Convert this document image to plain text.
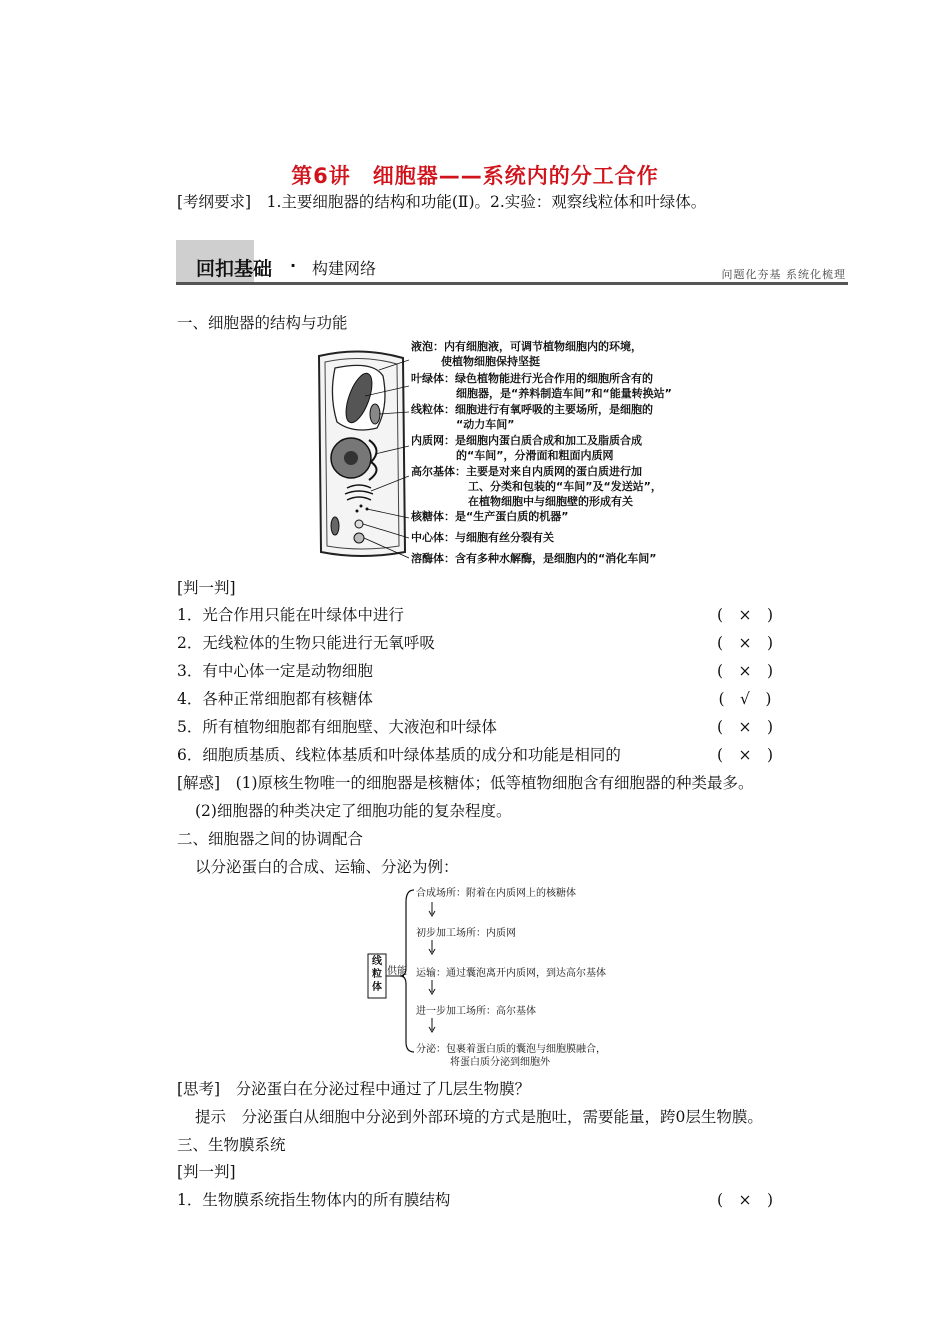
第6讲　细胞器——系统内的分工合作
[考纲要求]　1.主要细胞器的结构和功能(Ⅱ)。2.实验：观察线粒体和叶绿体。
回扣基础 · 构建网络	问题化夯基 系统化梳理
一、细胞器的结构与功能
液泡：内有细胞液，可调节植物细胞内的环境，
使植物细胞保持坚挺
叶绿体：绿色植物能进行光合作用的细胞所含有的
细胞器，是“养料制造车间”和“能量转换站”
线粒体：细胞进行有氧呼吸的主要场所，是细胞的
“动力车间”
内质网：是细胞内蛋白质合成和加工及脂质合成
的“车间”，分滑面和粗面内质网
高尔基体：主要是对来自内质网的蛋白质进行加
工、分类和包装的“车间”及“发送站”，
在植物细胞中与细胞壁的形成有关
核糖体：是“生产蛋白质的机器”
中心体：与细胞有丝分裂有关
溶酶体：含有多种水解酶，是细胞内的“消化车间”
[判一判]
1．光合作用只能在叶绿体中进行	(　×　)
2．无线粒体的生物只能进行无氧呼吸	(　×　)
3．有中心体一定是动物细胞	(　×　)
4．各种正常细胞都有核糖体	(　√　)
5．所有植物细胞都有细胞壁、大液泡和叶绿体	(　×　)
6．细胞质基质、线粒体基质和叶绿体基质的成分和功能是相同的	(　×　)
[解惑]　(1)原核生物唯一的细胞器是核糖体；低等植物细胞含有细胞器的种类最多。
(2)细胞器的种类决定了细胞功能的复杂程度。
二、细胞器之间的协调配合
以分泌蛋白的合成、运输、分泌为例：
线粒体
供能
合成场所：附着在内质网上的核糖体
初步加工场所：内质网
运输：通过囊泡离开内质网，到达高尔基体
进一步加工场所：高尔基体
分泌：包裹着蛋白质的囊泡与细胞膜融合，
将蛋白质分泌到细胞外
[思考]　分泌蛋白在分泌过程中通过了几层生物膜？
提示　分泌蛋白从细胞中分泌到外部环境的方式是胞吐，需要能量，跨0层生物膜。
三、生物膜系统
[判一判]
1．生物膜系统指生物体内的所有膜结构	(　×　)
